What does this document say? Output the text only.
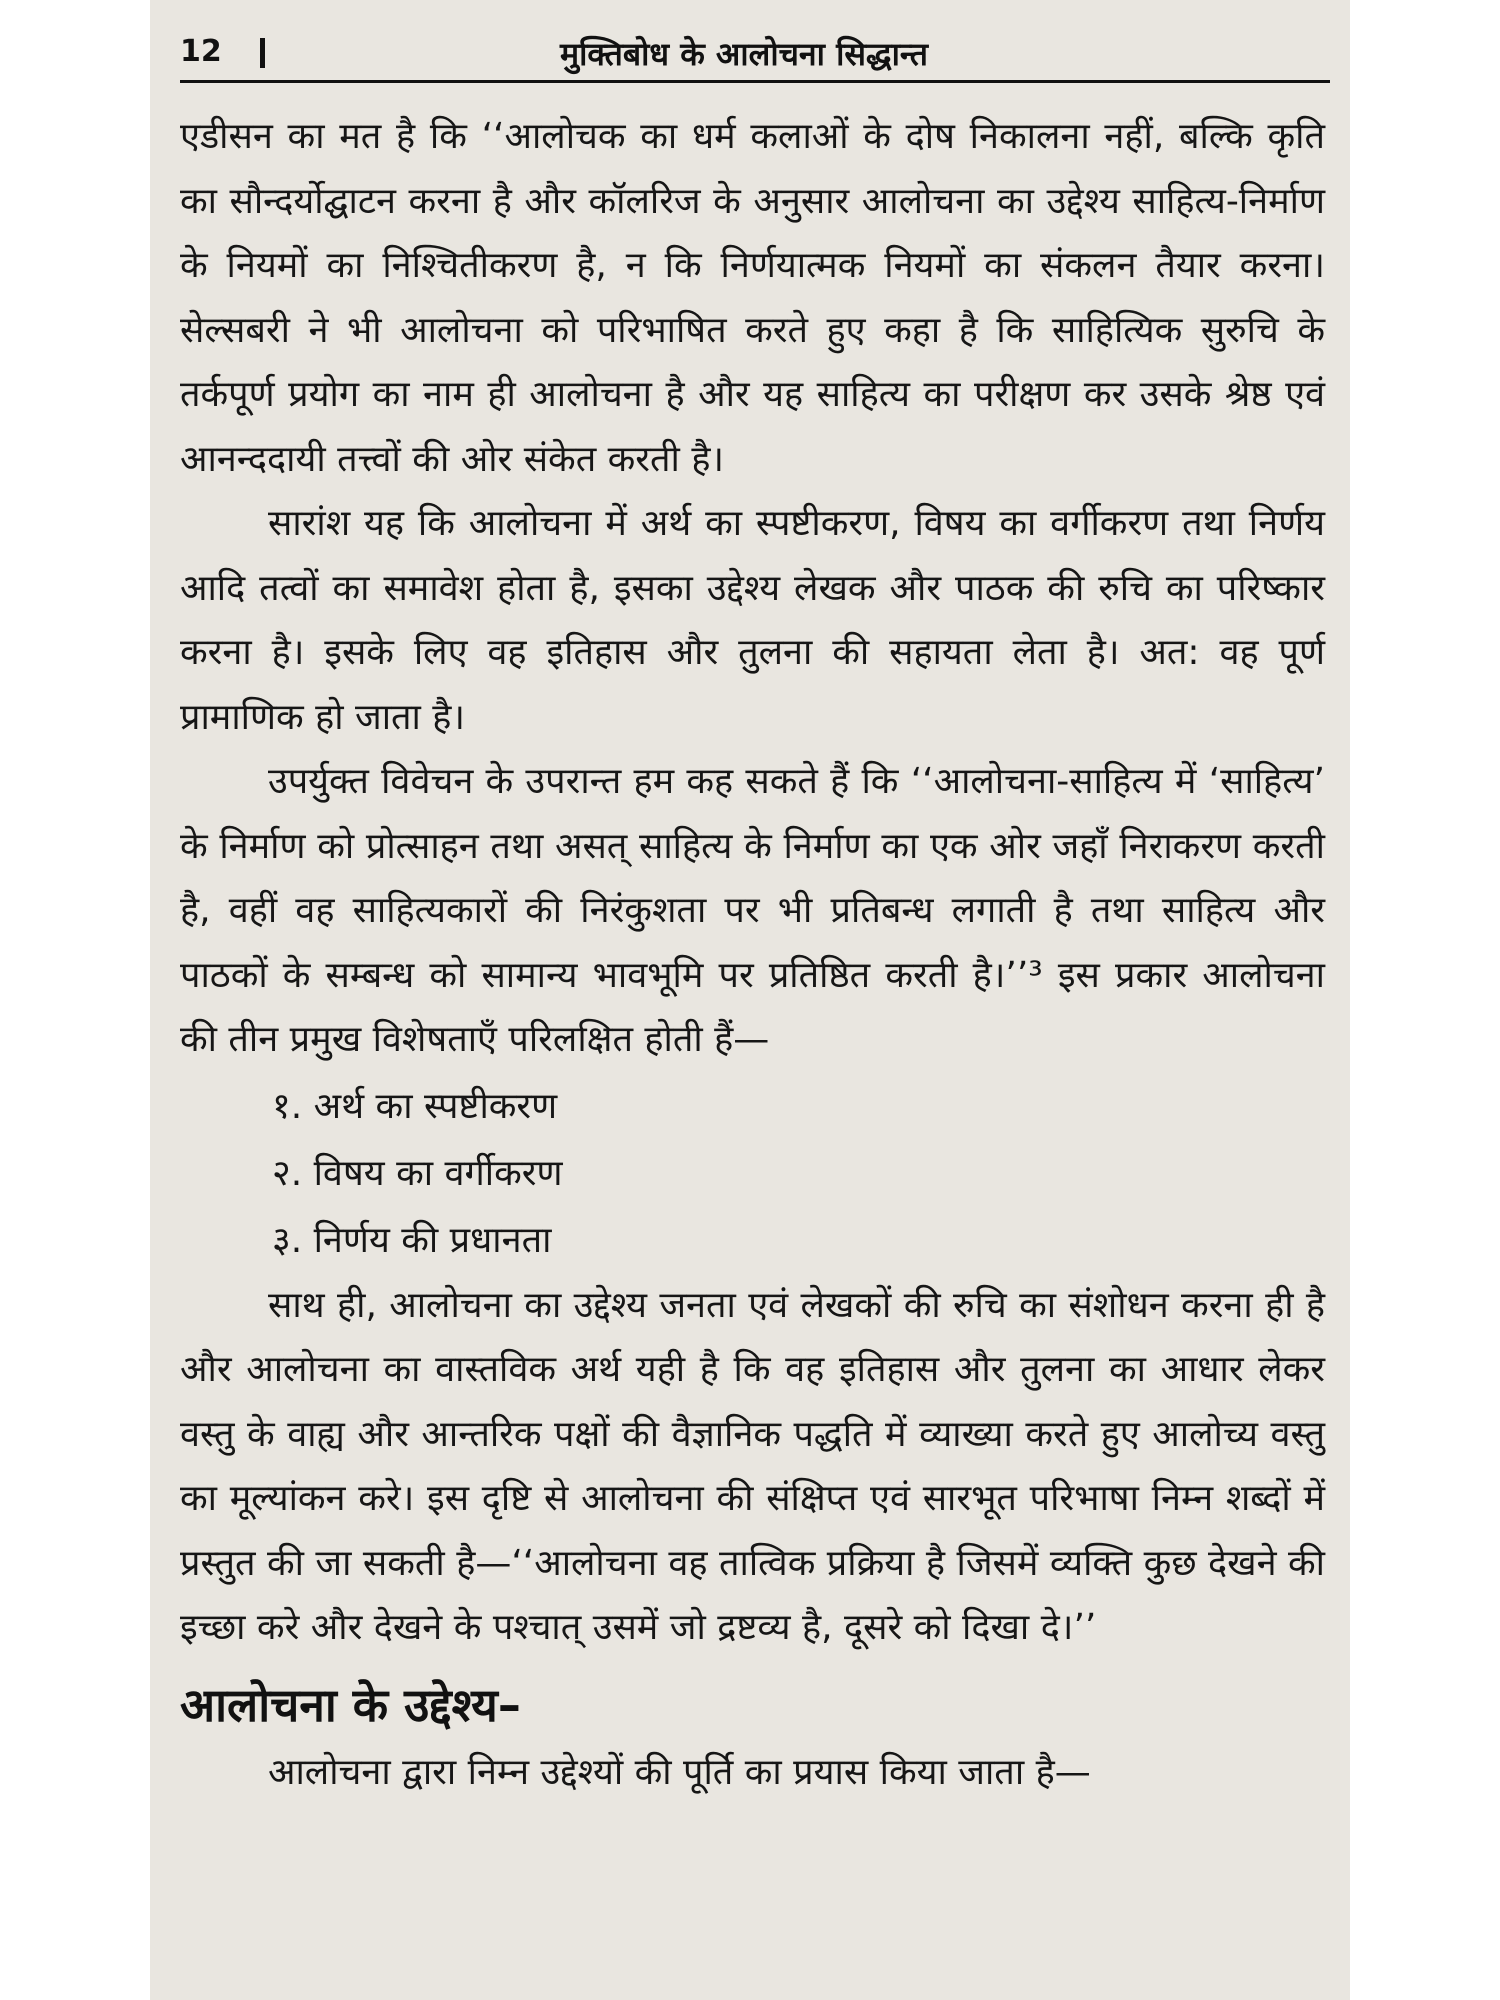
12	मुक्तिबोध के आलोचना सिद्धान्त

एडीसन का मत है कि ‘‘आलोचक का धर्म कलाओं के दोष निकालना नहीं, बल्कि कृति का सौन्दर्योद्घाटन करना है और कॉलरिज के अनुसार आलोचना का उद्देश्य साहित्य-निर्माण के नियमों का निश्चितीकरण है, न कि निर्णयात्मक नियमों का संकलन तैयार करना। सेल्सबरी ने भी आलोचना को परिभाषित करते हुए कहा है कि साहित्यिक सुरुचि के तर्कपूर्ण प्रयोग का नाम ही आलोचना है और यह साहित्य का परीक्षण कर उसके श्रेष्ठ एवं आनन्ददायी तत्त्वों की ओर संकेत करती है।

सारांश यह कि आलोचना में अर्थ का स्पष्टीकरण, विषय का वर्गीकरण तथा निर्णय आदि तत्वों का समावेश होता है, इसका उद्देश्य लेखक और पाठक की रुचि का परिष्कार करना है। इसके लिए वह इतिहास और तुलना की सहायता लेता है। अत: वह पूर्ण प्रामाणिक हो जाता है।

उपर्युक्त विवेचन के उपरान्त हम कह सकते हैं कि ‘‘आलोचना-साहित्य में ‘साहित्य’ के निर्माण को प्रोत्साहन तथा असत् साहित्य के निर्माण का एक ओर जहाँ निराकरण करती है, वहीं वह साहित्यकारों की निरंकुशता पर भी प्रतिबन्ध लगाती है तथा साहित्य और पाठकों के सम्बन्ध को सामान्य भावभूमि पर प्रतिष्ठित करती है।’’³ इस प्रकार आलोचना की तीन प्रमुख विशेषताएँ परिलक्षित होती हैं—

१. अर्थ का स्पष्टीकरण
२. विषय का वर्गीकरण
३. निर्णय की प्रधानता

साथ ही, आलोचना का उद्देश्य जनता एवं लेखकों की रुचि का संशोधन करना ही है और आलोचना का वास्तविक अर्थ यही है कि वह इतिहास और तुलना का आधार लेकर वस्तु के वाह्य और आन्तरिक पक्षों की वैज्ञानिक पद्धति में व्याख्या करते हुए आलोच्य वस्तु का मूल्यांकन करे। इस दृष्टि से आलोचना की संक्षिप्त एवं सारभूत परिभाषा निम्न शब्दों में प्रस्तुत की जा सकती है—‘‘आलोचना वह तात्विक प्रक्रिया है जिसमें व्यक्ति कुछ देखने की इच्छा करे और देखने के पश्चात् उसमें जो द्रष्टव्य है, दूसरे को दिखा दे।’’

आलोचना के उद्देश्य–

आलोचना द्वारा निम्न उद्देश्यों की पूर्ति का प्रयास किया जाता है—
